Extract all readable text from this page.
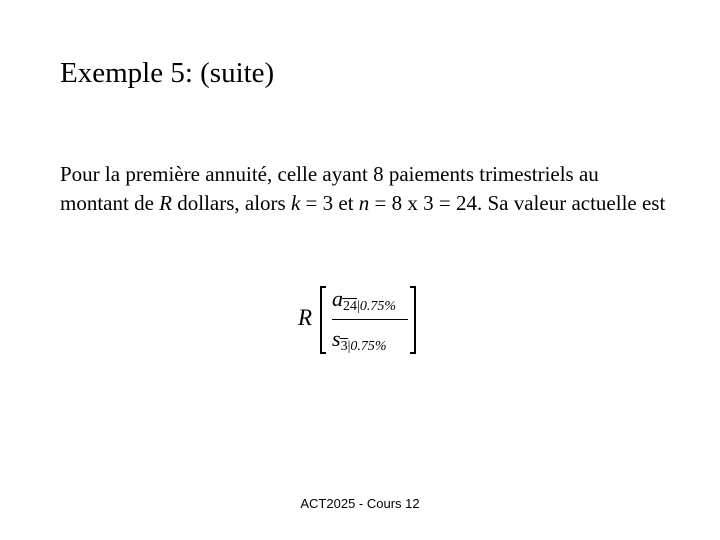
Exemple 5: (suite)
Pour la première annuité, celle ayant 8 paiements trimestriels au montant de R dollars, alors k = 3 et n = 8 x 3 = 24. Sa valeur actuelle est
R
a24|0.75%
s3|0.75%
ACT2025 - Cours 12
